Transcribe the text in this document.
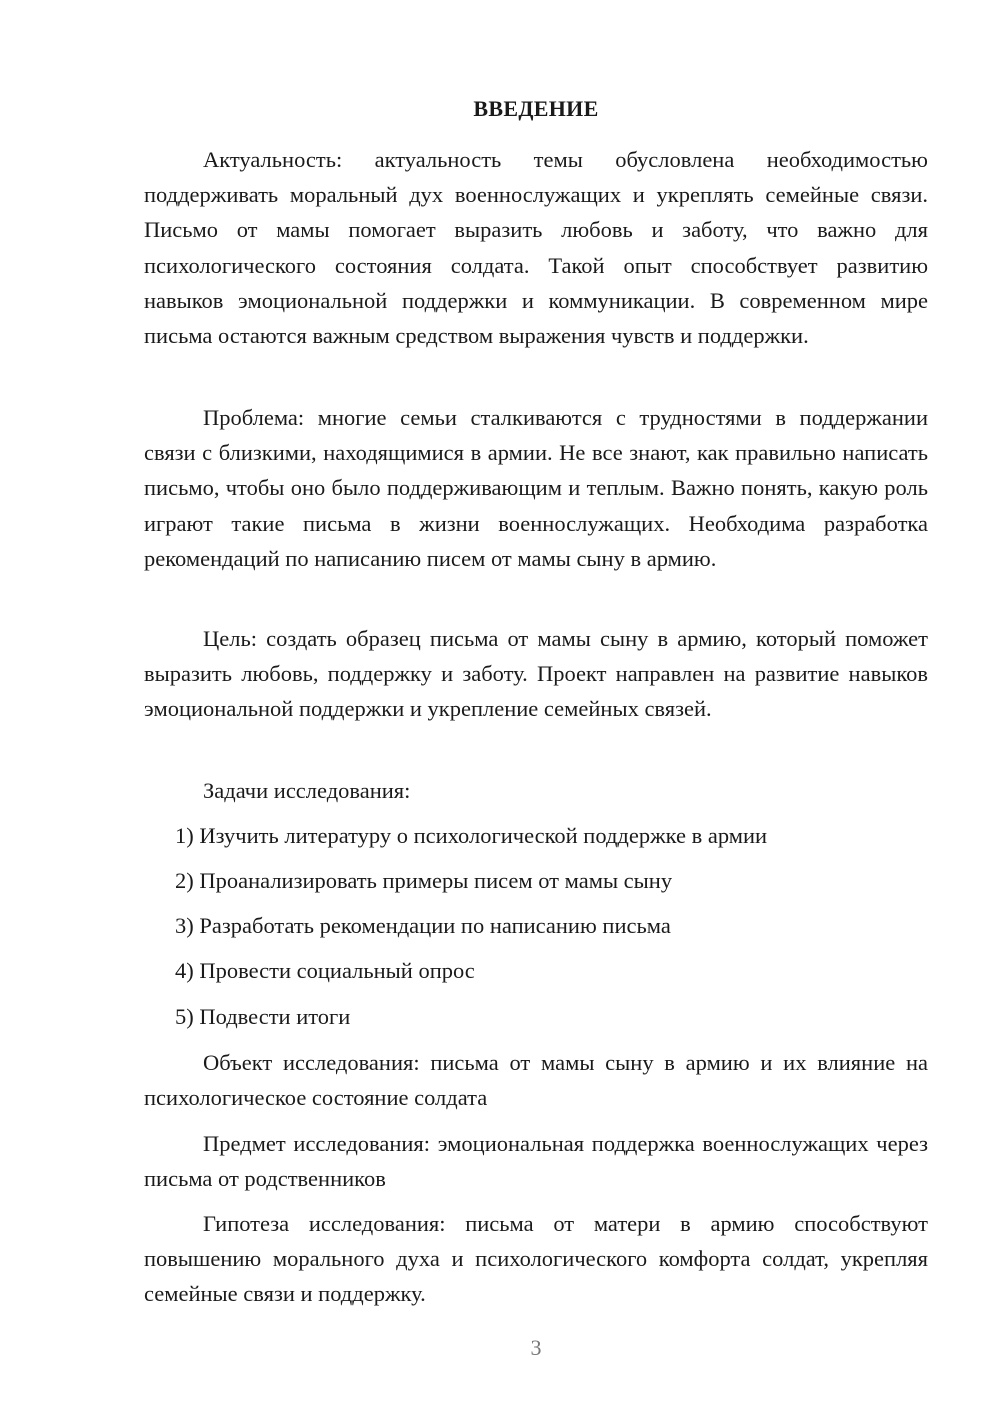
ВВЕДЕНИЕ

Актуальность: актуальность темы обусловлена необходимостью поддерживать моральный дух военнослужащих и укреплять семейные связи. Письмо от мамы помогает выразить любовь и заботу, что важно для психологического состояния солдата. Такой опыт способствует развитию навыков эмоциональной поддержки и коммуникации. В современном мире письма остаются важным средством выражения чувств и поддержки.

Проблема: многие семьи сталкиваются с трудностями в поддержании связи с близкими, находящимися в армии. Не все знают, как правильно написать письмо, чтобы оно было поддерживающим и теплым. Важно понять, какую роль играют такие письма в жизни военнослужащих. Необходима разработка рекомендаций по написанию писем от мамы сыну в армию.

Цель: создать образец письма от мамы сыну в армию, который поможет выразить любовь, поддержку и заботу. Проект направлен на развитие навыков эмоциональной поддержки и укрепление семейных связей.

Задачи исследования:

1) Изучить литературу о психологической поддержке в армии
2) Проанализировать примеры писем от мамы сыну
3) Разработать рекомендации по написанию письма
4) Провести социальный опрос
5) Подвести итоги

Объект исследования: письма от мамы сыну в армию и их влияние на психологическое состояние солдата

Предмет исследования: эмоциональная поддержка военнослужащих через письма от родственников

Гипотеза исследования: письма от матери в армию способствуют повышению морального духа и психологического комфорта солдат, укрепляя семейные связи и поддержку.

3
